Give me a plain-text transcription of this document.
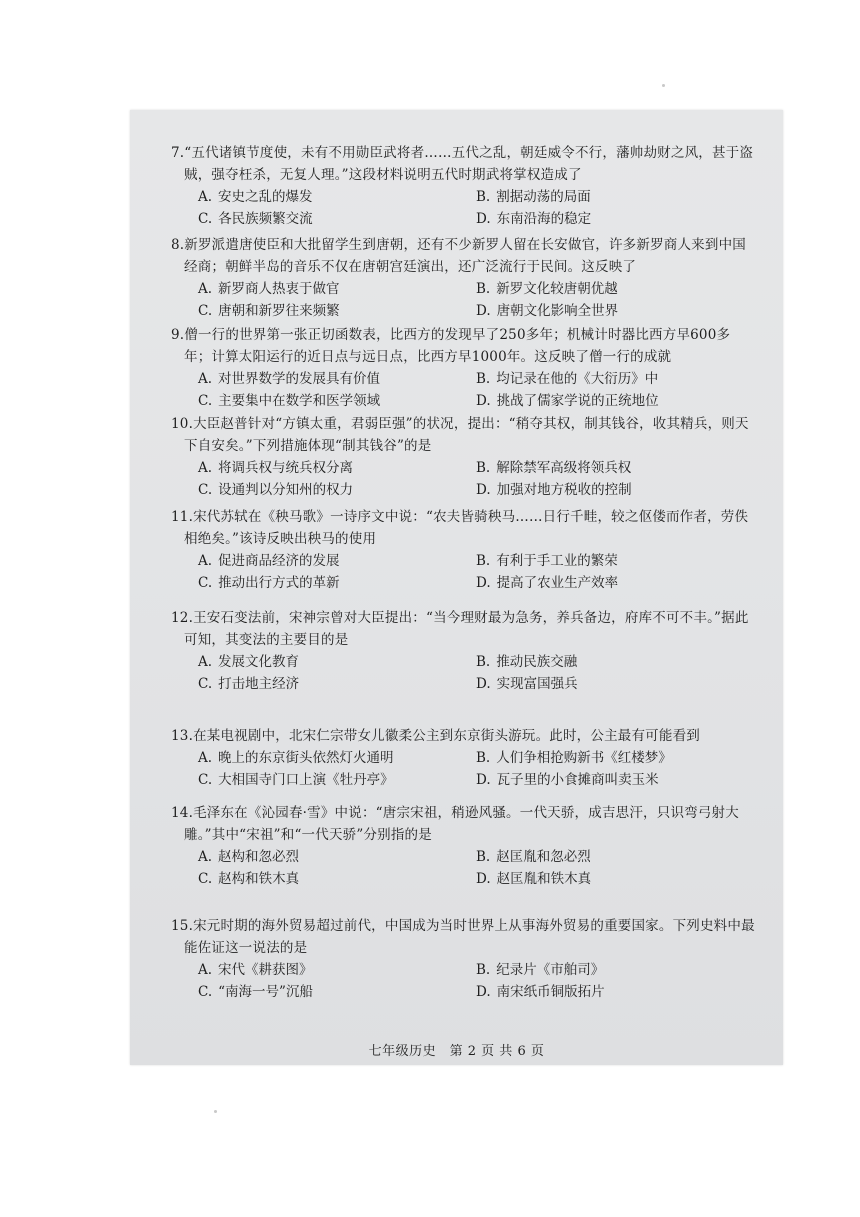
7.“五代诸镇节度使，未有不用勋臣武将者……五代之乱，朝廷威令不行，藩帅劫财之风，甚于盗贼，强夺枉杀，无复人理。”这段材料说明五代时期武将掌权造成了

A. 安史之乱的爆发	B. 割据动荡的局面
C. 各民族频繁交流	D. 东南沿海的稳定

8.新罗派遣唐使臣和大批留学生到唐朝，还有不少新罗人留在长安做官，许多新罗商人来到中国经商；朝鲜半岛的音乐不仅在唐朝宫廷演出，还广泛流行于民间。这反映了

A. 新罗商人热衷于做官	B. 新罗文化较唐朝优越
C. 唐朝和新罗往来频繁	D. 唐朝文化影响全世界

9.僧一行的世界第一张正切函数表，比西方的发现早了250多年；机械计时器比西方早600多年；计算太阳运行的近日点与远日点，比西方早1000年。这反映了僧一行的成就

A. 对世界数学的发展具有价值	B. 均记录在他的《大衍历》中
C. 主要集中在数学和医学领域	D. 挑战了儒家学说的正统地位

10.大臣赵普针对“方镇太重，君弱臣强”的状况，提出：“稍夺其权，制其钱谷，收其精兵，则天下自安矣。”下列措施体现“制其钱谷”的是

A. 将调兵权与统兵权分离	B. 解除禁军高级将领兵权
C. 设通判以分知州的权力	D. 加强对地方税收的控制

11.宋代苏轼在《秧马歌》一诗序文中说：“农夫皆骑秧马……日行千畦，较之伛偻而作者，劳佚相绝矣。”该诗反映出秧马的使用

A. 促进商品经济的发展	B. 有利于手工业的繁荣
C. 推动出行方式的革新	D. 提高了农业生产效率

12.王安石变法前，宋神宗曾对大臣提出：“当今理财最为急务，养兵备边，府库不可不丰。”据此可知，其变法的主要目的是

A. 发展文化教育	B. 推动民族交融
C. 打击地主经济	D. 实现富国强兵

13.在某电视剧中，北宋仁宗带女儿徽柔公主到东京街头游玩。此时，公主最有可能看到

A. 晚上的东京街头依然灯火通明	B. 人们争相抢购新书《红楼梦》
C. 大相国寺门口上演《牡丹亭》	D. 瓦子里的小食摊商叫卖玉米

14.毛泽东在《沁园春·雪》中说：“唐宗宋祖，稍逊风骚。一代天骄，成吉思汗，只识弯弓射大雕。”其中“宋祖”和“一代天骄”分别指的是

A. 赵构和忽必烈	B. 赵匡胤和忽必烈
C. 赵构和铁木真	D. 赵匡胤和铁木真

15.宋元时期的海外贸易超过前代，中国成为当时世界上从事海外贸易的重要国家。下列史料中最能佐证这一说法的是

A. 宋代《耕获图》	B. 纪录片《市舶司》
C. “南海一号”沉船	D. 南宋纸币铜版拓片
七年级历史　第 2 页 共 6 页
